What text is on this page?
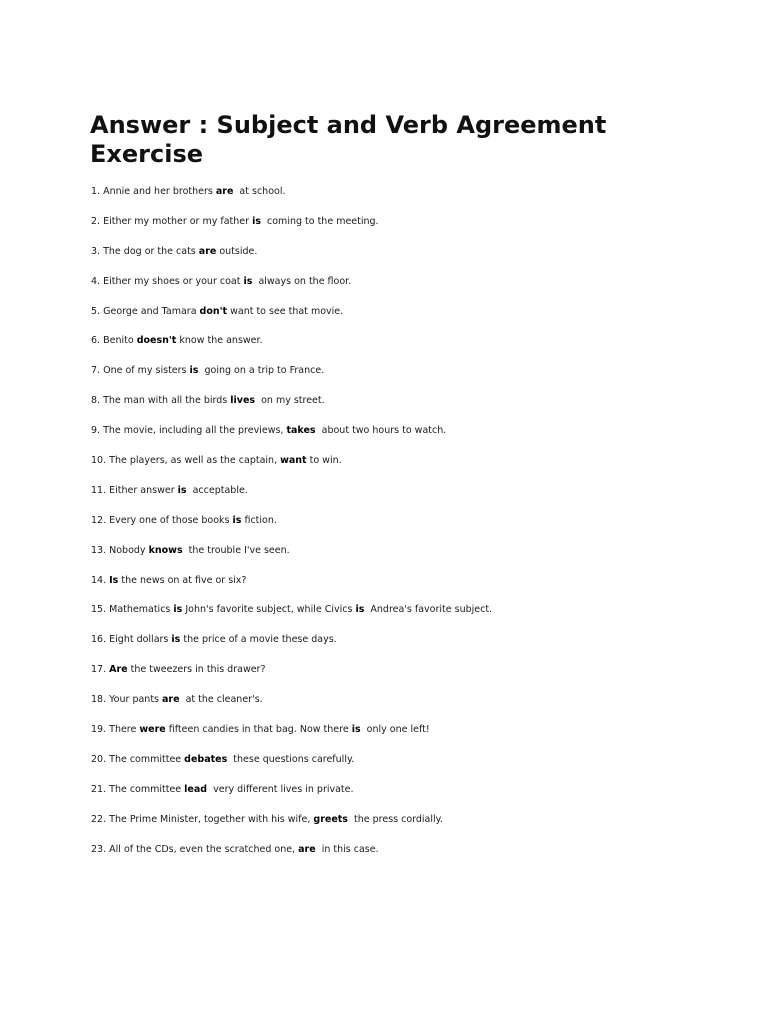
Answer : Subject and Verb Agreement Exercise
1. Annie and her brothers are  at school.
2. Either my mother or my father is  coming to the meeting.
3. The dog or the cats are outside.
4. Either my shoes or your coat is  always on the floor.
5. George and Tamara don't want to see that movie.
6. Benito doesn't know the answer.
7. One of my sisters is  going on a trip to France.
8. The man with all the birds lives  on my street.
9. The movie, including all the previews, takes  about two hours to watch.
10. The players, as well as the captain, want to win.
11. Either answer is  acceptable.
12. Every one of those books is fiction.
13. Nobody knows  the trouble I've seen.
14. Is the news on at five or six?
15. Mathematics is John's favorite subject, while Civics is  Andrea's favorite subject.
16. Eight dollars is the price of a movie these days.
17. Are the tweezers in this drawer?
18. Your pants are  at the cleaner's.
19. There were fifteen candies in that bag. Now there is  only one left!
20. The committee debates  these questions carefully.
21. The committee lead  very different lives in private.
22. The Prime Minister, together with his wife, greets  the press cordially.
23. All of the CDs, even the scratched one, are  in this case.
